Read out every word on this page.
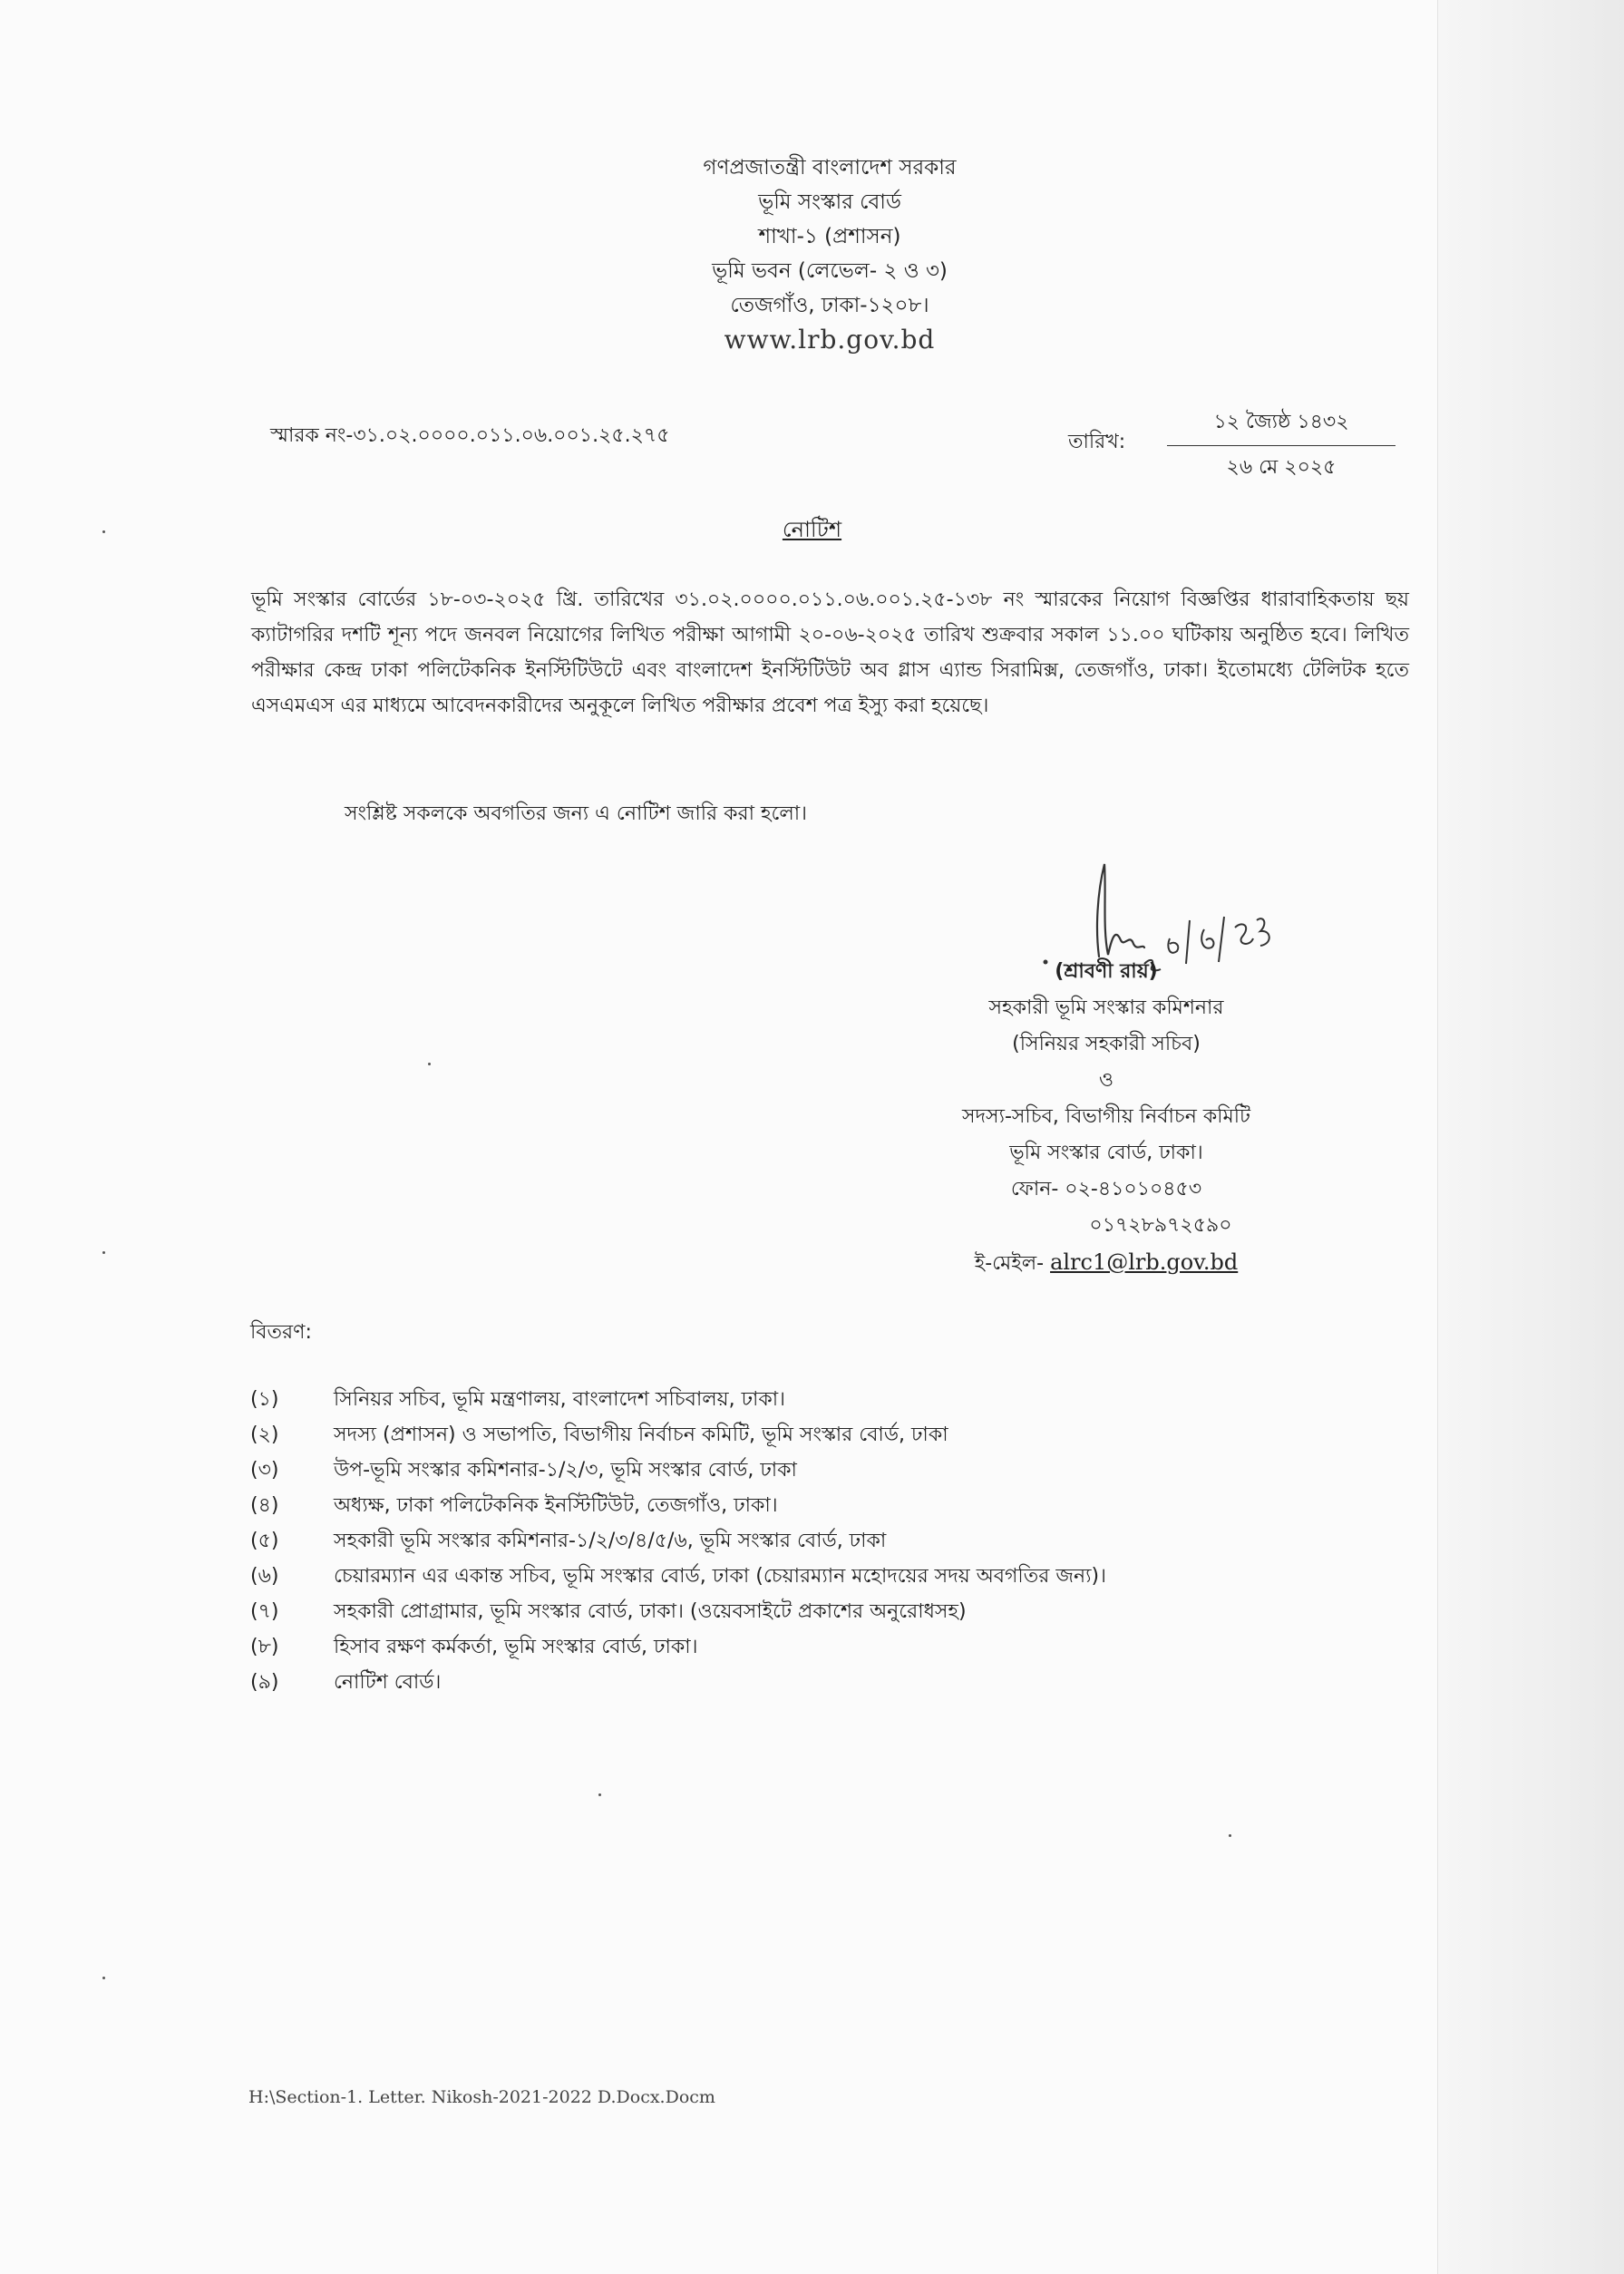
গণপ্রজাতন্ত্রী বাংলাদেশ সরকার
ভূমি সংস্কার বোর্ড
শাখা-১ (প্রশাসন)
ভূমি ভবন (লেভেল- ২ ও ৩)
তেজগাঁও, ঢাকা-১২০৮।
www.lrb.gov.bd
স্মারক নং-৩১.০২.০০০০.০১১.০৬.০০১.২৫.২৭৫	তারিখ:
১২ জ্যৈষ্ঠ ১৪৩২
২৬ মে ২০২৫
নোটিশ
ভূমি সংস্কার বোর্ডের ১৮-০৩-২০২৫ খ্রি. তারিখের ৩১.০২.০০০০.০১১.০৬.০০১.২৫-১৩৮ নং স্মারকের নিয়োগ বিজ্ঞপ্তির ধারাবাহিকতায় ছয় ক্যাটাগরির দশটি শূন্য পদে জনবল নিয়োগের লিখিত পরীক্ষা আগামী ২০-০৬-২০২৫ তারিখ শুক্রবার সকাল ১১.০০ ঘটিকায় অনুষ্ঠিত হবে। লিখিত পরীক্ষার কেন্দ্র ঢাকা পলিটেকনিক ইনস্টিটিউটে এবং বাংলাদেশ ইনস্টিটিউট অব গ্লাস এ্যান্ড সিরামিক্স, তেজগাঁও, ঢাকা। ইতোমধ্যে টেলিটক হতে এসএমএস এর মাধ্যমে আবেদনকারীদের অনুকূলে লিখিত পরীক্ষার প্রবেশ পত্র ইস্যু করা হয়েছে।
সংশ্লিষ্ট সকলকে অবগতির জন্য এ নোটিশ জারি করা হলো।
(শ্রাবণী রায়)
সহকারী ভূমি সংস্কার কমিশনার
(সিনিয়র সহকারী সচিব)
ও
সদস্য-সচিব, বিভাগীয় নির্বাচন কমিটি
ভূমি সংস্কার বোর্ড, ঢাকা।
ফোন- ০২-৪১০১০৪৫৩
০১৭২৮৯৭২৫৯০
ই-মেইল- alrc1@lrb.gov.bd
বিতরণ:
(১)	সিনিয়র সচিব, ভূমি মন্ত্রণালয়, বাংলাদেশ সচিবালয়, ঢাকা।
(২)	সদস্য (প্রশাসন) ও সভাপতি, বিভাগীয় নির্বাচন কমিটি, ভূমি সংস্কার বোর্ড, ঢাকা
(৩)	উপ-ভূমি সংস্কার কমিশনার-১/২/৩, ভূমি সংস্কার বোর্ড, ঢাকা
(৪)	অধ্যক্ষ, ঢাকা পলিটেকনিক ইনস্টিটিউট, তেজগাঁও, ঢাকা।
(৫)	সহকারী ভূমি সংস্কার কমিশনার-১/২/৩/৪/৫/৬, ভূমি সংস্কার বোর্ড, ঢাকা
(৬)	চেয়ারম্যান এর একান্ত সচিব, ভূমি সংস্কার বোর্ড, ঢাকা (চেয়ারম্যান মহোদয়ের সদয় অবগতির জন্য)।
(৭)	সহকারী প্রোগ্রামার, ভূমি সংস্কার বোর্ড, ঢাকা। (ওয়েবসাইটে প্রকাশের অনুরোধসহ)
(৮)	হিসাব রক্ষণ কর্মকর্তা, ভূমি সংস্কার বোর্ড, ঢাকা।
(৯)	নোটিশ বোর্ড।
H:\Section-1. Letter. Nikosh-2021-2022 D.Docx.Docm
